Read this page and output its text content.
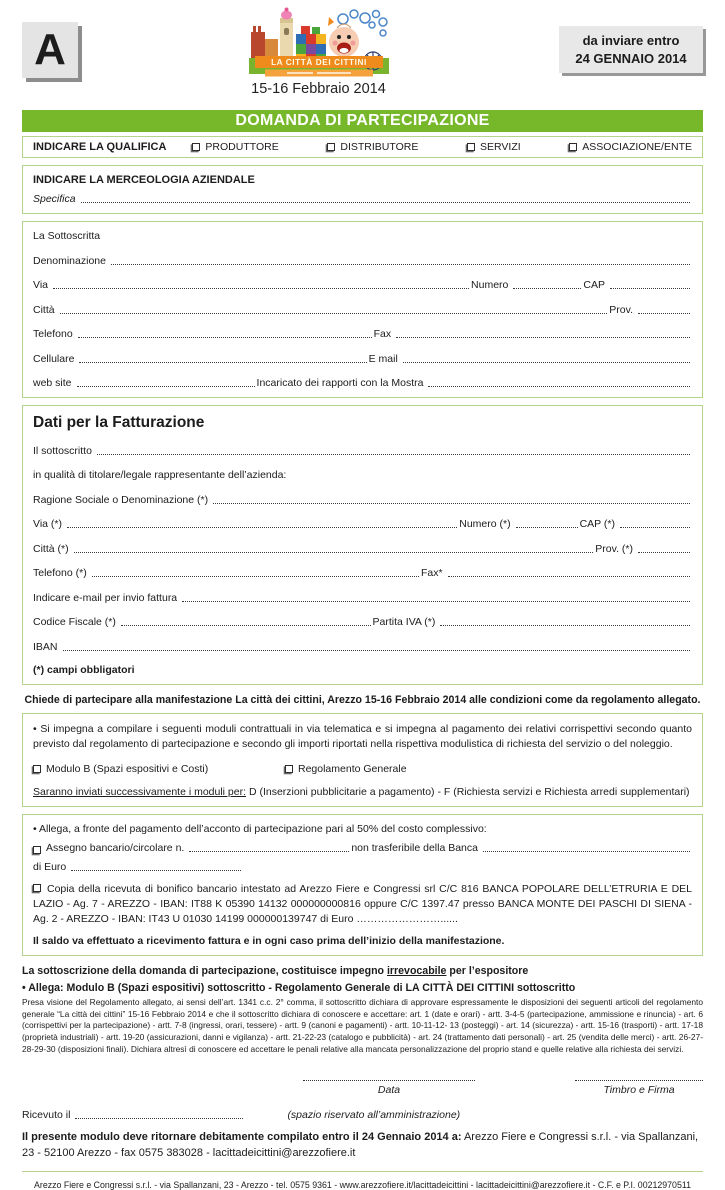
A	LA CITTÀ DEI CITTINI
15-16 Febbraio 2014
da inviare entro
24 GENNAIO 2014
DOMANDA DI PARTECIPAZIONE
INDICARE LA QUALIFICA	PRODUTTORE	DISTRIBUTORE	SERVIZI	ASSOCIAZIONE/ENTE
INDICARE LA MERCEOLOGIA AZIENDALE
Specifica
La Sottoscritta
Denominazione
Via	Numero	CAP
Città	Prov.
Telefono	Fax
Cellulare	E mail
web site	Incaricato dei rapporti con la Mostra
Dati per la Fatturazione
Il sottoscritto
in qualità di titolare/legale rappresentante dell’azienda:
Ragione Sociale o Denominazione (*)
Via (*)	Numero (*)	CAP (*)
Città (*)	Prov. (*)
Telefono (*)	Fax*
Indicare e-mail per invio fattura
Codice Fiscale (*)	Partita IVA (*)
IBAN
(*) campi obbligatori

Chiede di partecipare alla manifestazione La città dei cittini, Arezzo 15-16 Febbraio 2014 alle condizioni come da regolamento allegato.

• Si impegna a compilare i seguenti moduli contrattuali in via telematica e si impegna al pagamento dei relativi corrispettivi secondo quanto previsto dal regolamento di partecipazione e secondo gli importi riportati nella rispettiva modulistica di richiesta del servizio o del noleggio.
Modulo B (Spazi espositivi e Costi)	Regolamento Generale
Saranno inviati successivamente i moduli per: D (Inserzioni pubblicitarie a pagamento) - F (Richiesta servizi e Richiesta arredi supplementari)
• Allega, a fronte del pagamento dell’acconto di partecipazione pari al 50% del costo complessivo:
Assegno bancario/circolare n.	non trasferibile della Banca
di Euro
Copia della ricevuta di bonifico bancario intestato ad Arezzo Fiere e Congressi srl C/C 816 BANCA POPOLARE DELL’ETRURIA E DEL LAZIO - Ag. 7 - AREZZO - IBAN: IT88 K 05390 14132 000000000816 oppure C/C 1397.47 presso BANCA MONTE DEI PASCHI DI SIENA - Ag. 2 - AREZZO - IBAN: IT43 U 01030 14199 000000139747 di Euro ……………………......
Il saldo va effettuato a ricevimento fattura e in ogni caso prima dell’inizio della manifestazione.

La sottoscrizione della domanda di partecipazione, costituisce impegno irrevocabile per l’espositore

• Allega: Modulo B (Spazi espositivi) sottoscritto - Regolamento Generale di LA CITTÀ DEI CITTINI sottoscritto

Presa visione del Regolamento allegato, ai sensi dell’art. 1341 c.c. 2° comma, il sottoscritto dichiara di approvare espressamente le disposizioni dei seguenti articoli del regolamento generale “La città dei cittini” 15-16 Febbraio 2014 e che il sottoscritto dichiara di conoscere e accettare: art. 1 (date e orari) - artt. 3-4-5 (partecipazione, ammissione e rinuncia) - art. 6 (corrispettivi per la partecipazione) - artt. 7-8 (ingressi, orari, tessere) - artt. 9 (canoni e pagamenti) - artt. 10-11-12- 13 (posteggi) - art. 14 (sicurezza) - artt. 15-16 (trasporti) - artt. 17-18 (proprietà industriali) - artt. 19-20 (assicurazioni, danni e vigilanza) - artt. 21-22-23 (catalogo e pubblicità) - art. 24 (trattamento dati personali) - art. 25 (vendita delle merci) - artt. 26-27-28-29-30 (disposizioni finali). Dichiara altresì di conoscere ed accettare le penali relative alla mancata personalizzazione del proprio stand e quelle relative alla richiesta dei servizi.

Data	Timbro e Firma
Ricevuto il	(spazio riservato all’amministrazione)

Il presente modulo deve ritornare debitamente compilato entro il 24 Gennaio 2014 a: Arezzo Fiere e Congressi s.r.l. - via Spallanzani, 23 - 52100 Arezzo - fax 0575 383028 - lacittadeicittini@arezzofiere.it

Arezzo Fiere e Congressi s.r.l. - via Spallanzani, 23 - Arezzo - tel. 0575 9361 - www.arezzofiere.it/lacittadeicittini - lacittadeicittini@arezzofiere.it - C.F. e P.I. 00212970511
